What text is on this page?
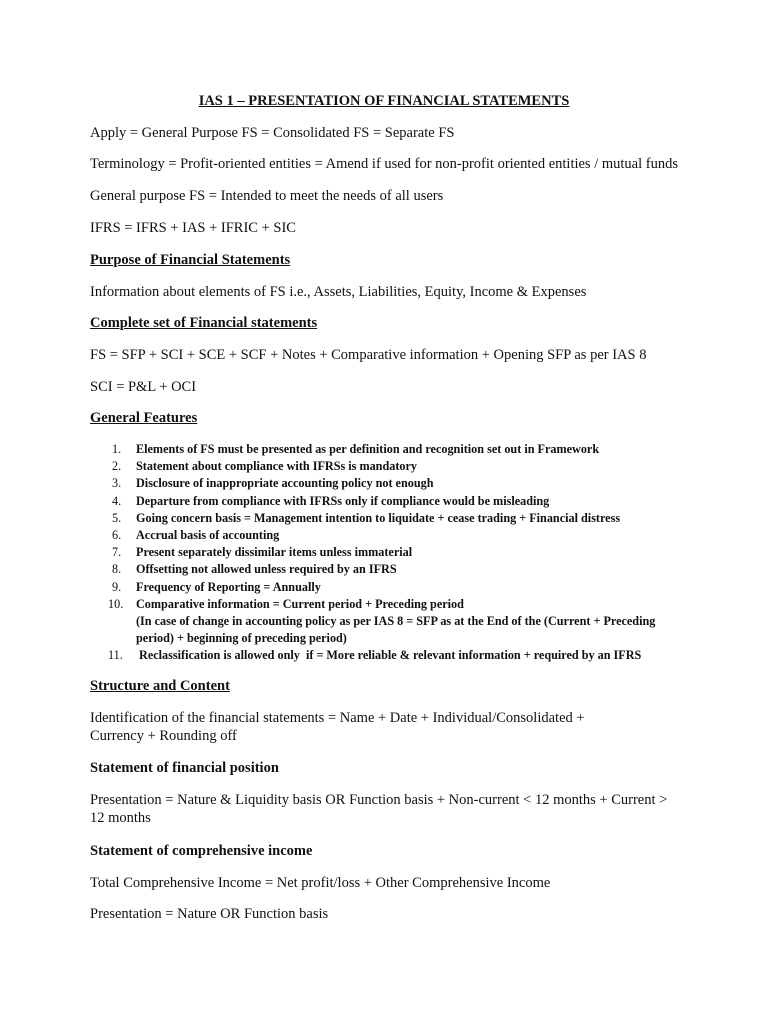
IAS 1 – PRESENTATION OF FINANCIAL STATEMENTS
Apply = General Purpose FS = Consolidated FS = Separate FS
Terminology = Profit-oriented entities = Amend if used for non-profit oriented entities / mutual funds
General purpose FS = Intended to meet the needs of all users
IFRS = IFRS + IAS + IFRIC + SIC
Purpose of Financial Statements
Information about elements of FS i.e., Assets, Liabilities, Equity, Income & Expenses
Complete set of Financial statements
FS = SFP + SCI + SCE + SCF + Notes + Comparative information + Opening SFP as per IAS 8
SCI = P&L + OCI
General Features
1. Elements of FS must be presented as per definition and recognition set out in Framework
2. Statement about compliance with IFRSs is mandatory
3. Disclosure of inappropriate accounting policy not enough
4. Departure from compliance with IFRSs only if compliance would be misleading
5. Going concern basis = Management intention to liquidate + cease trading + Financial distress
6. Accrual basis of accounting
7. Present separately dissimilar items unless immaterial
8. Offsetting not allowed unless required by an IFRS
9. Frequency of Reporting = Annually
10. Comparative information = Current period + Preceding period
(In case of change in accounting policy as per IAS 8 = SFP as at the End of the (Current + Preceding
period) + beginning of preceding period)
11. Reclassification is allowed only  if = More reliable & relevant information + required by an IFRS
Structure and Content
Identification of the financial statements = Name + Date + Individual/Consolidated + Currency + Rounding off
Statement of financial position
Presentation = Nature & Liquidity basis OR Function basis + Non-current < 12 months + Current > 12 months
Statement of comprehensive income
Total Comprehensive Income = Net profit/loss + Other Comprehensive Income
Presentation = Nature OR Function basis
